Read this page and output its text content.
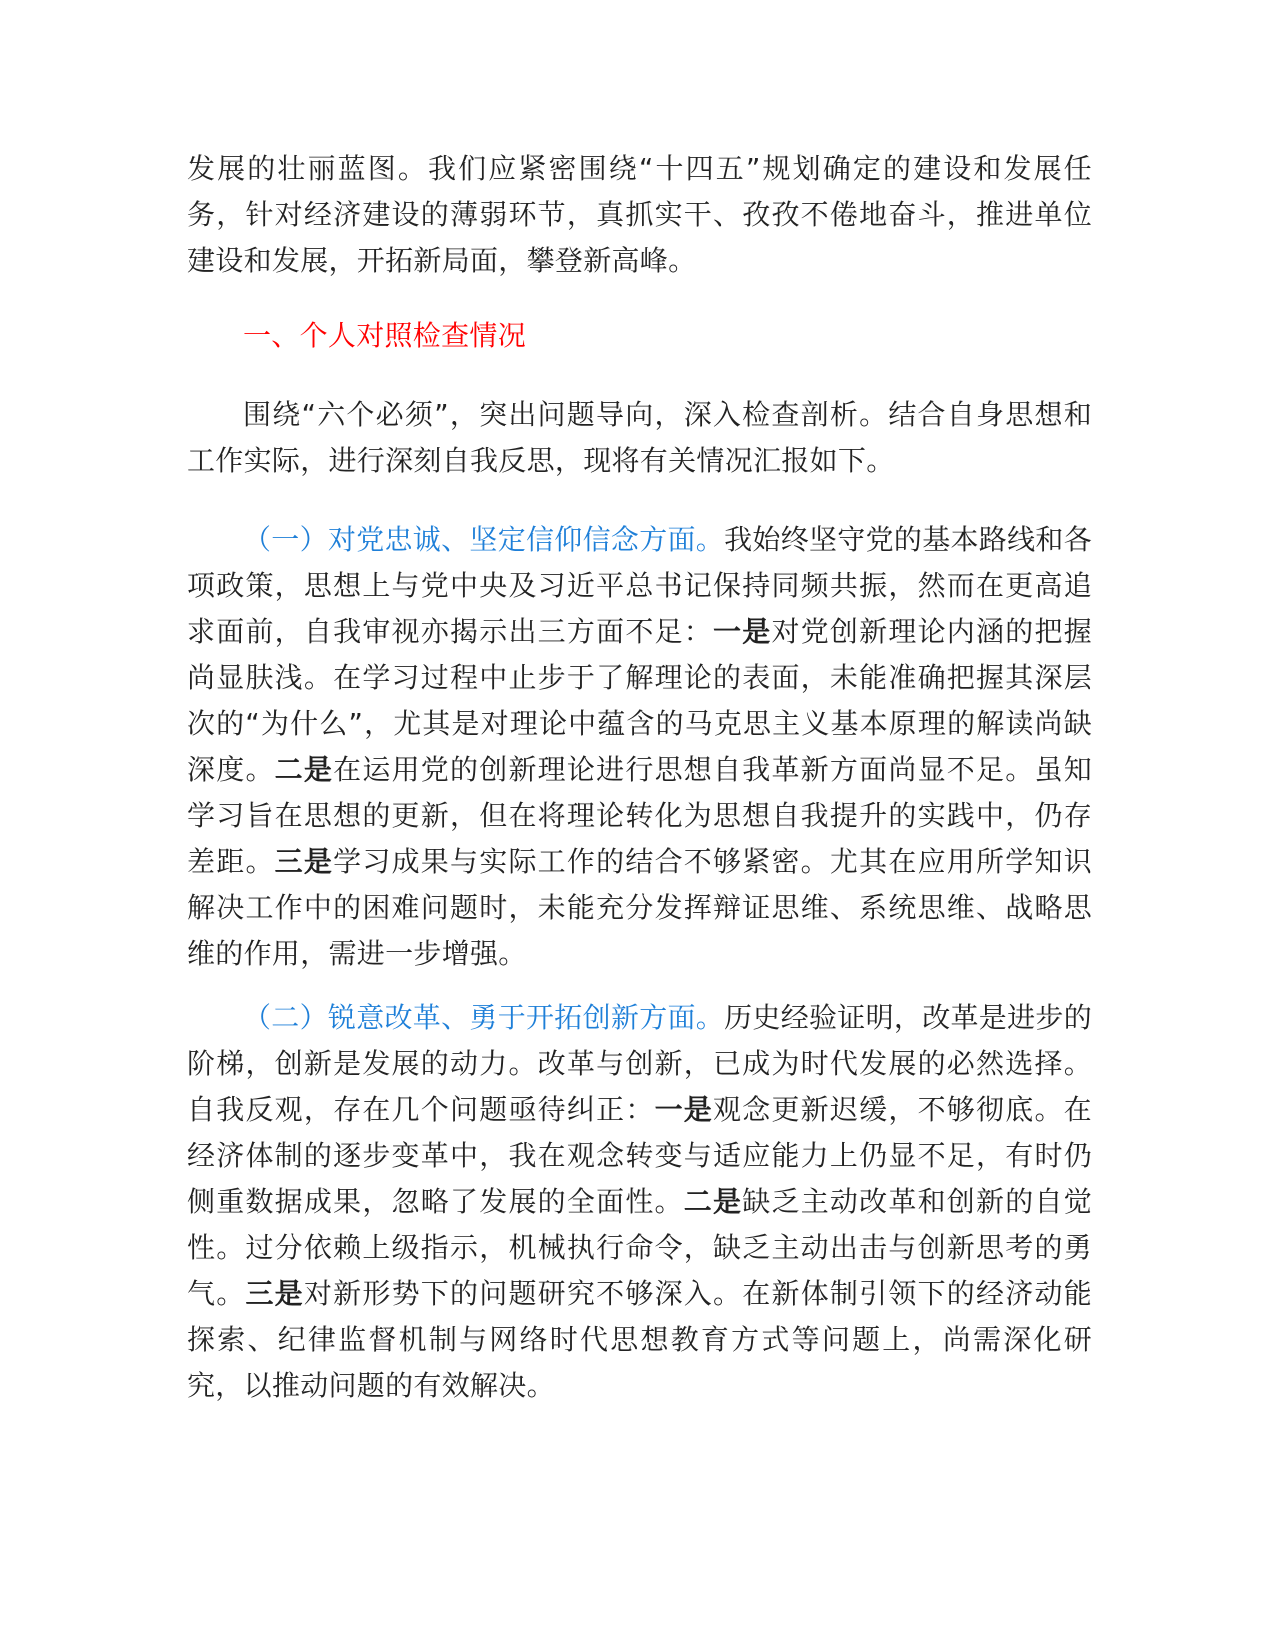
发展的壮丽蓝图。我们应紧密围绕“十四五”规划确定的建设和发展任务，针对经济建设的薄弱环节，真抓实干、孜孜不倦地奋斗，推进单位建设和发展，开拓新局面，攀登新高峰。

一、个人对照检查情况

围绕“六个必须”，突出问题导向，深入检查剖析。结合自身思想和工作实际，进行深刻自我反思，现将有关情况汇报如下。

（一）对党忠诚、坚定信仰信念方面。我始终坚守党的基本路线和各项政策，思想上与党中央及习近平总书记保持同频共振，然而在更高追求面前，自我审视亦揭示出三方面不足：一是对党创新理论内涵的把握尚显肤浅。在学习过程中止步于了解理论的表面，未能准确把握其深层次的“为什么”，尤其是对理论中蕴含的马克思主义基本原理的解读尚缺深度。二是在运用党的创新理论进行思想自我革新方面尚显不足。虽知学习旨在思想的更新，但在将理论转化为思想自我提升的实践中，仍存差距。三是学习成果与实际工作的结合不够紧密。尤其在应用所学知识解决工作中的困难问题时，未能充分发挥辩证思维、系统思维、战略思维的作用，需进一步增强。

（二）锐意改革、勇于开拓创新方面。历史经验证明，改革是进步的阶梯，创新是发展的动力。改革与创新，已成为时代发展的必然选择。自我反观，存在几个问题亟待纠正：一是观念更新迟缓，不够彻底。在经济体制的逐步变革中，我在观念转变与适应能力上仍显不足，有时仍侧重数据成果，忽略了发展的全面性。二是缺乏主动改革和创新的自觉性。过分依赖上级指示，机械执行命令，缺乏主动出击与创新思考的勇气。三是对新形势下的问题研究不够深入。在新体制引领下的经济动能探索、纪律监督机制与网络时代思想教育方式等问题上，尚需深化研究，以推动问题的有效解决。
